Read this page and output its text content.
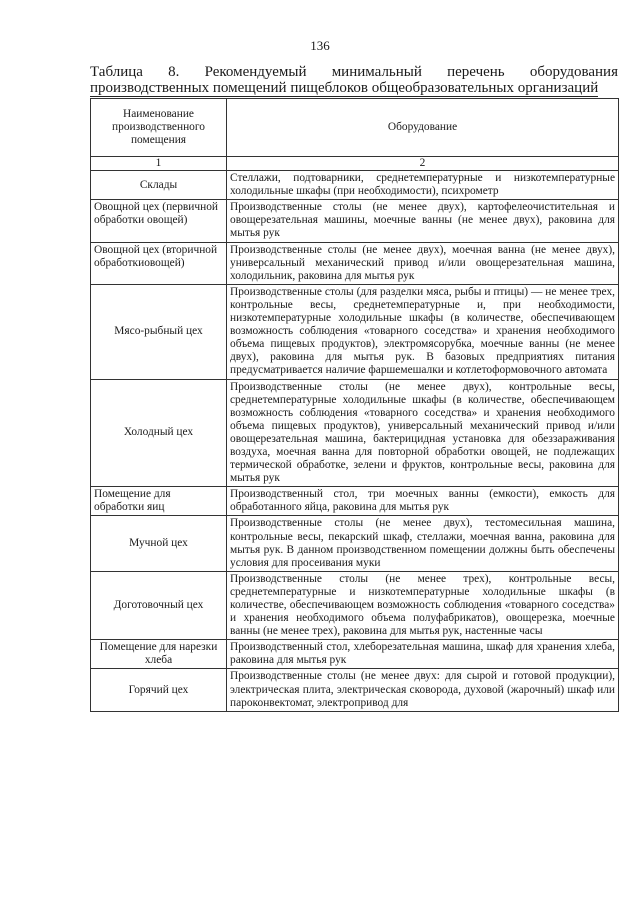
136
Таблица 8. Рекомендуемый минимальный перечень оборудования
производственных помещений пищеблоков общеобразовательных организаций
Наименование производственного помещения	Оборудование
1	2
Склады	Стеллажи, подтоварники, среднетемпературные и низкотемпературные холодильные шкафы (при необходимости), психрометр
Овощной цех (первичной обработки овощей)	Производственные столы (не менее двух), картофелеочистительная и овощерезательная машины, моечные ванны (не менее двух), раковина для мытья рук
Овощной цех (вторичной обработкиовощей)	Производственные столы (не менее двух), моечная ванна (не менее двух), универсальный механический привод и/или овощерезательная машина, холодильник, раковина для мытья рук
Мясо-рыбный цех	Производственные столы (для разделки мяса, рыбы и птицы) — не менее трех, контрольные весы, среднетемпературные и, при необходимости, низкотемпературные холодильные шкафы (в количестве, обеспечивающем возможность соблюдения «товарного соседства» и хранения необходимого объема пищевых продуктов), электромясорубка, моечные ванны (не менее двух), раковина для мытья рук. В базовых предприятиях питания предусматривается наличие фаршемешалки и котлетоформовочного автомата
Холодный цех	Производственные столы (не менее двух), контрольные весы, среднетемпературные холодильные шкафы (в количестве, обеспечивающем возможность соблюдения «товарного соседства» и хранения необходимого объема пищевых продуктов), универсальный механический привод и/или овощерезательная машина, бактерицидная установка для обеззараживания воздуха, моечная ванна для повторной обработки овощей, не подлежащих термической обработке, зелени и фруктов, контрольные весы, раковина для мытья рук
Помещение для обработки яиц	Производственный стол, три моечных ванны (емкости), емкость для обработанного яйца, раковина для мытья рук
Мучной цех	Производственные столы (не менее двух), тестомесильная машина, контрольные весы, пекарский шкаф, стеллажи, моечная ванна, раковина для мытья рук. В данном производственном помещении должны быть обеспечены условия для просеивания муки
Доготовочный цех	Производственные столы (не менее трех), контрольные весы, среднетемпературные и низкотемпературные холодильные шкафы (в количестве, обеспечивающем возможность соблюдения «товарного соседства» и хранения необходимого объема полуфабрикатов), овощерезка, моечные ванны (не менее трех), раковина для мытья рук, настенные часы
Помещение для нарезки хлеба	Производственный стол, хлеборезательная машина, шкаф для хранения хлеба, раковина для мытья рук
Горячий цех	Производственные столы (не менее двух: для сырой и готовой продукции), электрическая плита, электрическая сковорода, духовой (жарочный) шкаф или пароконвектомат, электропривод для
